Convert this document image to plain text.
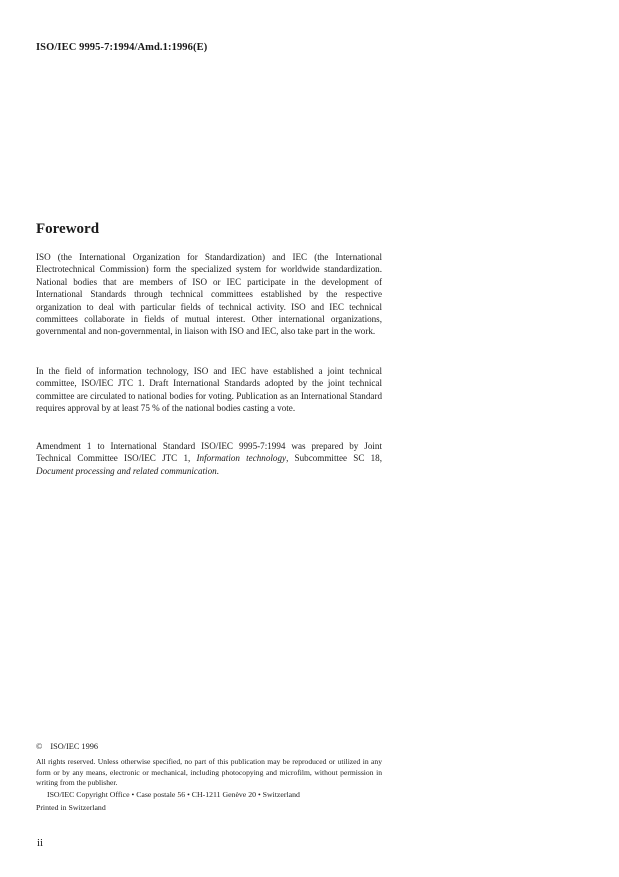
ISO/IEC 9995-7:1994/Amd.1:1996(E)
Foreword

ISO (the International Organization for Standardization) and IEC (the International Electrotechnical Commission) form the specialized system for worldwide standardization. National bodies that are members of ISO or IEC participate in the development of International Standards through technical committees established by the respective organization to deal with particular fields of technical activity. ISO and IEC technical committees collaborate in fields of mutual interest. Other international organizations, governmental and non-governmental, in liaison with ISO and IEC, also take part in the work.

In the field of information technology, ISO and IEC have established a joint technical committee, ISO/IEC JTC 1. Draft International Standards adopted by the joint technical committee are circulated to national bodies for voting. Publication as an International Standard requires approval by at least 75 % of the national bodies casting a vote.

Amendment 1 to International Standard ISO/IEC 9995-7:1994 was prepared by Joint Technical Committee ISO/IEC JTC 1, Information technology, Subcommittee SC 18, Document processing and related communication.

© ISO/IEC 1996

All rights reserved. Unless otherwise specified, no part of this publication may be reproduced or utilized in any form or by any means, electronic or mechanical, including photocopying and microfilm, without permission in writing from the publisher.

ISO/IEC Copyright Office • Case postale 56 • CH-1211 Genève 20 • Switzerland
Printed in Switzerland
ii
